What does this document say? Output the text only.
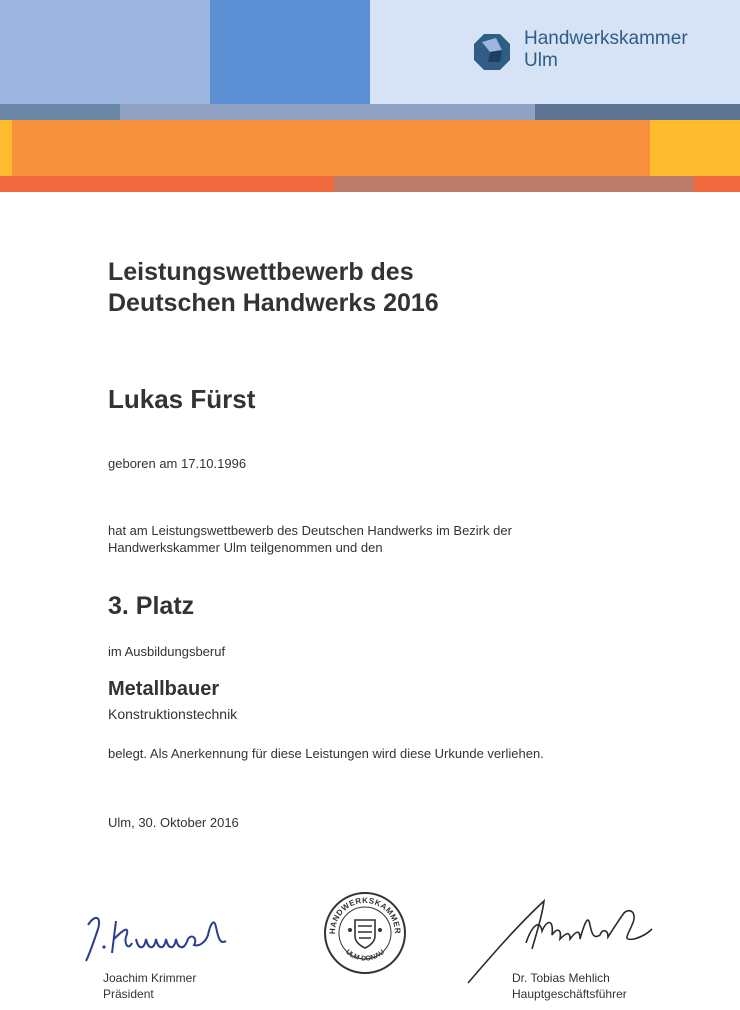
Handwerkskammer
Ulm
Leistungswettbewerb des
Deutschen Handwerks 2016
Lukas Fürst
geboren am 17.10.1996
hat am Leistungswettbewerb des Deutschen Handwerks im Bezirk der
Handwerkskammer Ulm teilgenommen und den
3. Platz
im Ausbildungsberuf
Metallbauer
Konstruktionstechnik
belegt. Als Anerkennung für diese Leistungen wird diese Urkunde verliehen.
Ulm, 30. Oktober 2016
Joachim Krimmer
Präsident
HANDWERKSKAMMER
ULM-DONAU
Dr. Tobias Mehlich
Hauptgeschäftsführer
